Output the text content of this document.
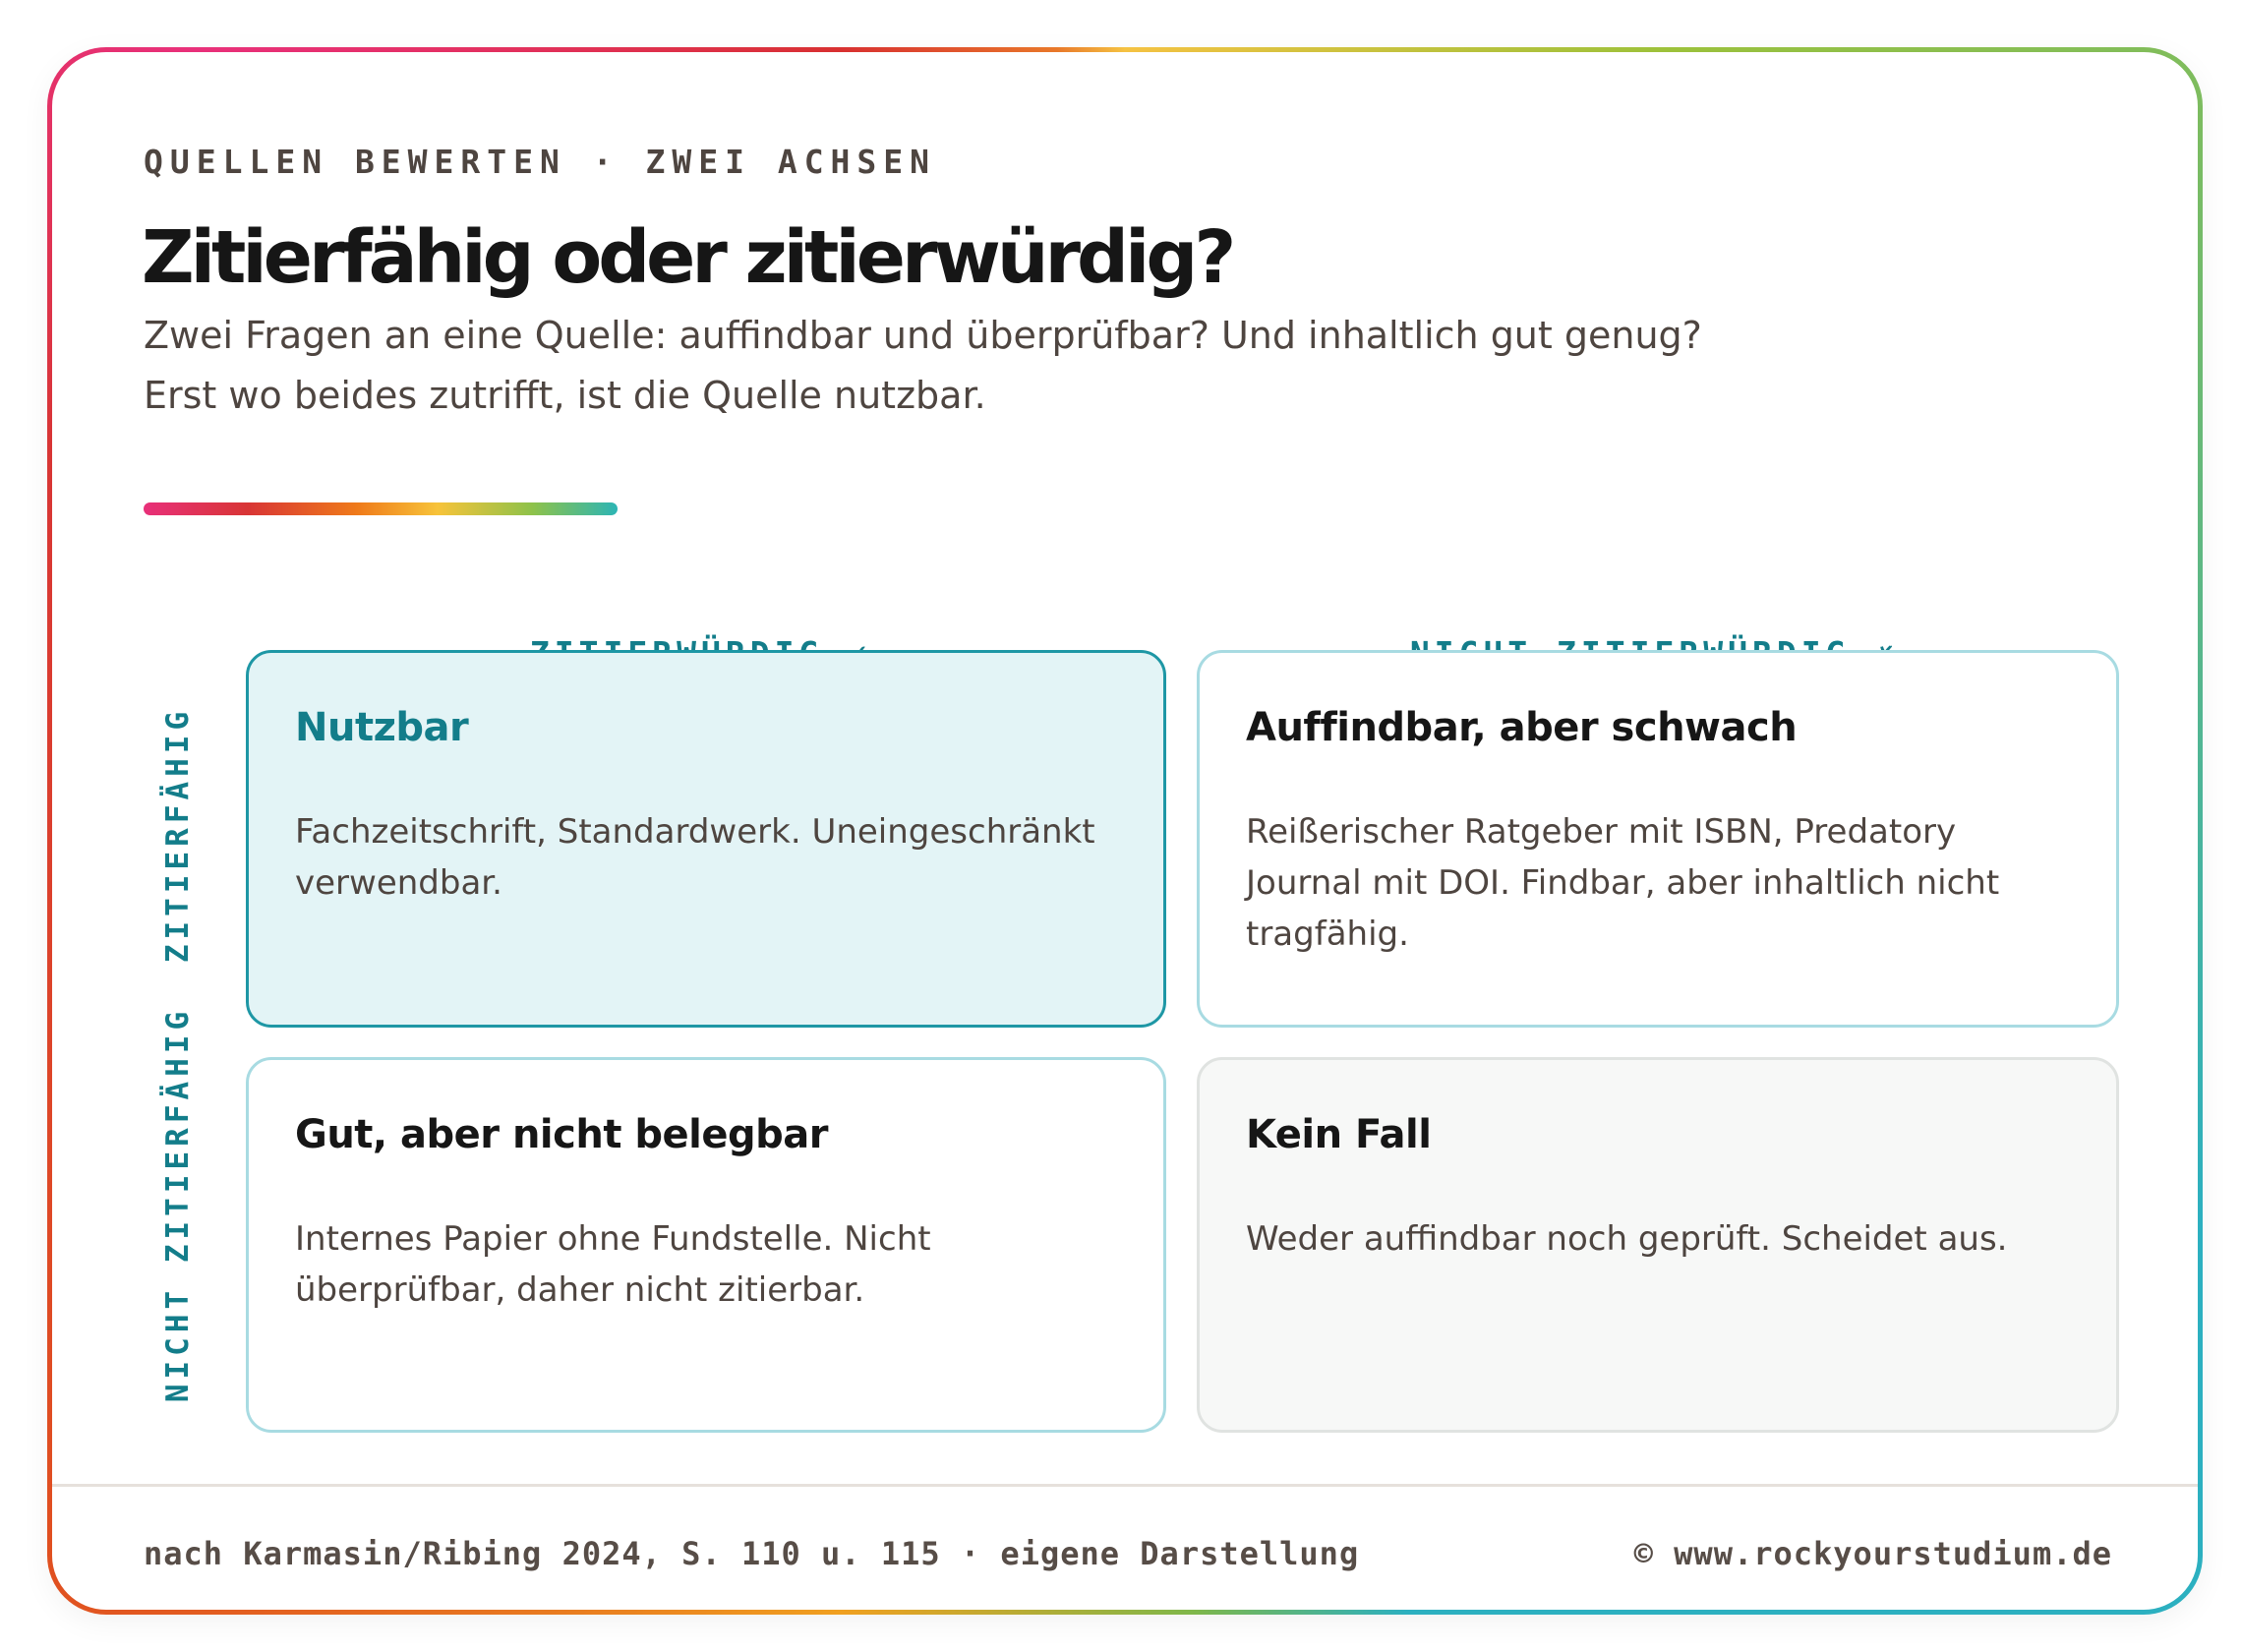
QUELLEN BEWERTEN · ZWEI ACHSEN
Zitierfähig oder zitierwürdig?

Zwei Fragen an eine Quelle: auffindbar und überprüfbar? Und inhaltlich gut genug? Erst wo beides zutrifft, ist die Quelle nutzbar.

ZITIERFÄHIG
NICHT ZITIERFÄHIG
Nutzbar

Fachzeitschrift, Standardwerk. Uneingeschränkt verwendbar.

Auffindbar, aber schwach

Reißerischer Ratgeber mit ISBN, Predatory Journal mit DOI. Findbar, aber inhaltlich nicht tragfähig.

Gut, aber nicht belegbar

Internes Papier ohne Fundstelle. Nicht überprüfbar, daher nicht zitierbar.

Kein Fall

Weder auffindbar noch geprüft. Scheidet aus.

nach Karmasin/Ribing 2024, S. 110 u. 115 · eigene Darstellung	© www.rockyourstudium.de
